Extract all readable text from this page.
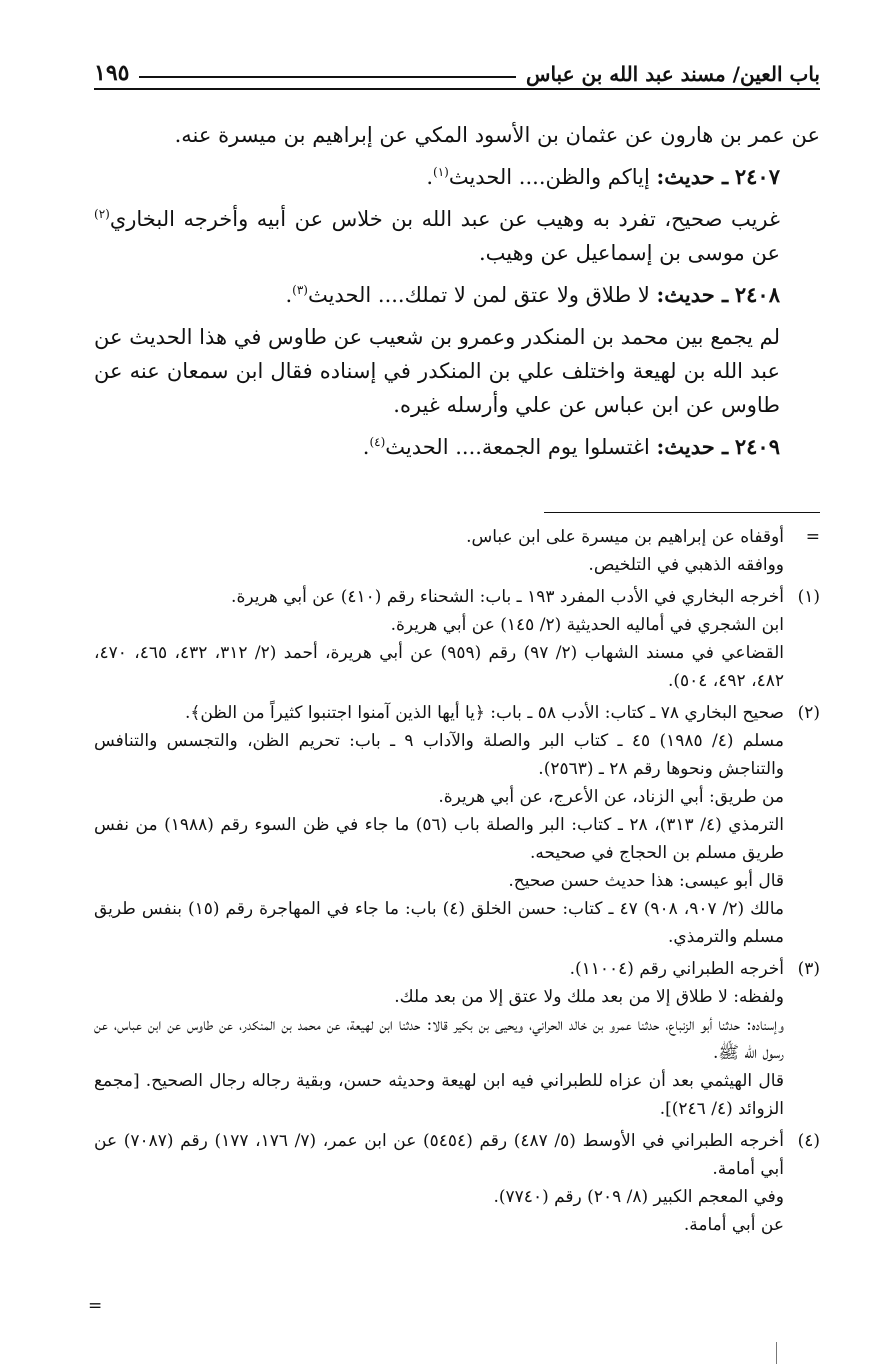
باب العين/ مسند عبد الله بن عباس
١٩٥

عن عمر بن هارون عن عثمان بن الأسود المكي عن إبراهيم بن ميسرة عنه.

٢٤٠٧ ـ حديث: إياكم والظن.... الحديث$^{(١)}$.

غريب صحيح، تفرد به وهيب عن عبد الله بن خلاس عن أبيه وأخرجه البخاري$^{(٢)}$ عن موسى بن إسماعيل عن وهيب.

٢٤٠٨ ـ حديث: لا طلاق ولا عتق لمن لا تملك.... الحديث$^{(٣)}$.

لم يجمع بين محمد بن المنكدر وعمرو بن شعيب عن طاوس في هذا الحديث عن عبد الله بن لهيعة واختلف علي بن المنكدر في إسناده فقال ابن سمعان عنه عن طاوس عن ابن عباس عن علي وأرسله غيره.

٢٤٠٩ ـ حديث: اغتسلوا يوم الجمعة.... الحديث$^{(٤)}$.

=
أوقفاه عن إبراهيم بن ميسرة على ابن عباس.
ووافقه الذهبي في التلخيص.
(١)
أخرجه البخاري في الأدب المفرد ١٩٣ ـ باب: الشحناء رقم (٤١٠) عن أبي هريرة.
ابن الشجري في أماليه الحديثية (٢/ ١٤٥) عن أبي هريرة.
القضاعي في مسند الشهاب (٢/ ٩٧) رقم (٩٥٩) عن أبي هريرة، أحمد (٢/ ٣١٢، ٤٣٢، ٤٦٥، ٤٧٠، ٤٨٢، ٤٩٢، ٥٠٤).
(٢)
صحيح البخاري ٧٨ ـ كتاب: الأدب ٥٨ ـ باب: ﴿يا أيها الذين آمنوا اجتنبوا كثيراً من الظن﴾.
مسلم (٤/ ١٩٨٥) ٤٥ ـ كتاب البر والصلة والآداب ٩ ـ باب: تحريم الظن، والتجسس والتنافس والتناجش ونحوها رقم ٢٨ ـ (٢٥٦٣).
من طريق: أبي الزناد، عن الأعرج، عن أبي هريرة.
الترمذي (٤/ ٣١٣)، ٢٨ ـ كتاب: البر والصلة باب (٥٦) ما جاء في ظن السوء رقم (١٩٨٨) من نفس طريق مسلم بن الحجاج في صحيحه.
قال أبو عيسى: هذا حديث حسن صحيح.
مالك (٢/ ٩٠٧، ٩٠٨) ٤٧ ـ كتاب: حسن الخلق (٤) باب: ما جاء في المهاجرة رقم (١٥) بنفس طريق مسلم والترمذي.
(٣)
أخرجه الطبراني رقم (١١٠٠٤).
ولفظه: لا طلاق إلا من بعد ملك ولا عتق إلا من بعد ملك.
وإسناده: حدثنا أبو الزنباع، حدثنا عمرو بن خالد الحراني، ويحيى بن بكير قالا: حدثنا ابن لهيعة، عن محمد بن المنكدر، عن طاوس عن ابن عباس، عن رسول الله ﷺ.
قال الهيثمي بعد أن عزاه للطبراني فيه ابن لهيعة وحديثه حسن، وبقية رجاله رجال الصحيح. [مجمع الزوائد (٤/ ٢٤٦)].
(٤)
أخرجه الطبراني في الأوسط (٥/ ٤٨٧) رقم (٥٤٥٤) عن ابن عمر، (٧/ ١٧٦، ١٧٧) رقم (٧٠٨٧) عن أبي أمامة.
وفي المعجم الكبير (٨/ ٢٠٩) رقم (٧٧٤٠).
عن أبي أمامة.
=
